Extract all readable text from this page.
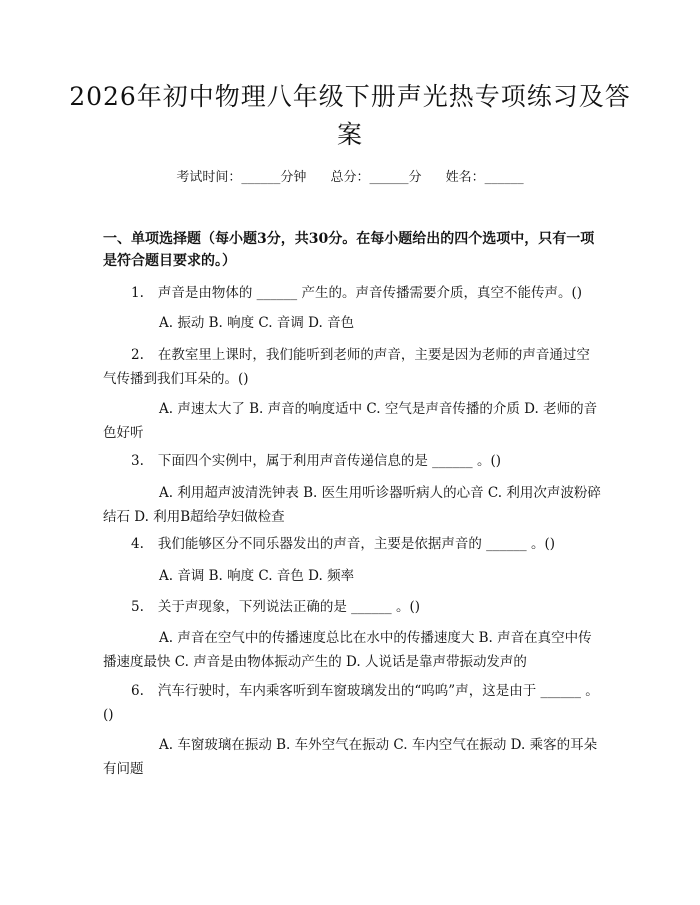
2026年初中物理八年级下册声光热专项练习及答案
考试时间：______分钟 总分：______分 姓名：______
一、单项选择题（每小题3分，共30分。在每小题给出的四个选项中，只有一项是符合题目要求的。）
1. 声音是由物体的 ______ 产生的。声音传播需要介质，真空不能传声。()
A. 振动 B. 响度 C. 音调 D. 音色
2. 在教室里上课时，我们能听到老师的声音，主要是因为老师的声音通过空气传播到我们耳朵的。()
A. 声速太大了 B. 声音的响度适中 C. 空气是声音传播的介质 D. 老师的音色好听
3. 下面四个实例中，属于利用声音传递信息的是 ______ 。()
A. 利用超声波清洗钟表 B. 医生用听诊器听病人的心音 C. 利用次声波粉碎结石 D. 利用B超给孕妇做检查
4. 我们能够区分不同乐器发出的声音，主要是依据声音的 ______ 。()
A. 音调 B. 响度 C. 音色 D. 频率
5. 关于声现象，下列说法正确的是 ______ 。()
A. 声音在空气中的传播速度总比在水中的传播速度大 B. 声音在真空中传播速度最快 C. 声音是由物体振动产生的 D. 人说话是靠声带振动发声的
6. 汽车行驶时，车内乘客听到车窗玻璃发出的“呜呜”声，这是由于 ______ 。()
A. 车窗玻璃在振动 B. 车外空气在振动 C. 车内空气在振动 D. 乘客的耳朵有问题
